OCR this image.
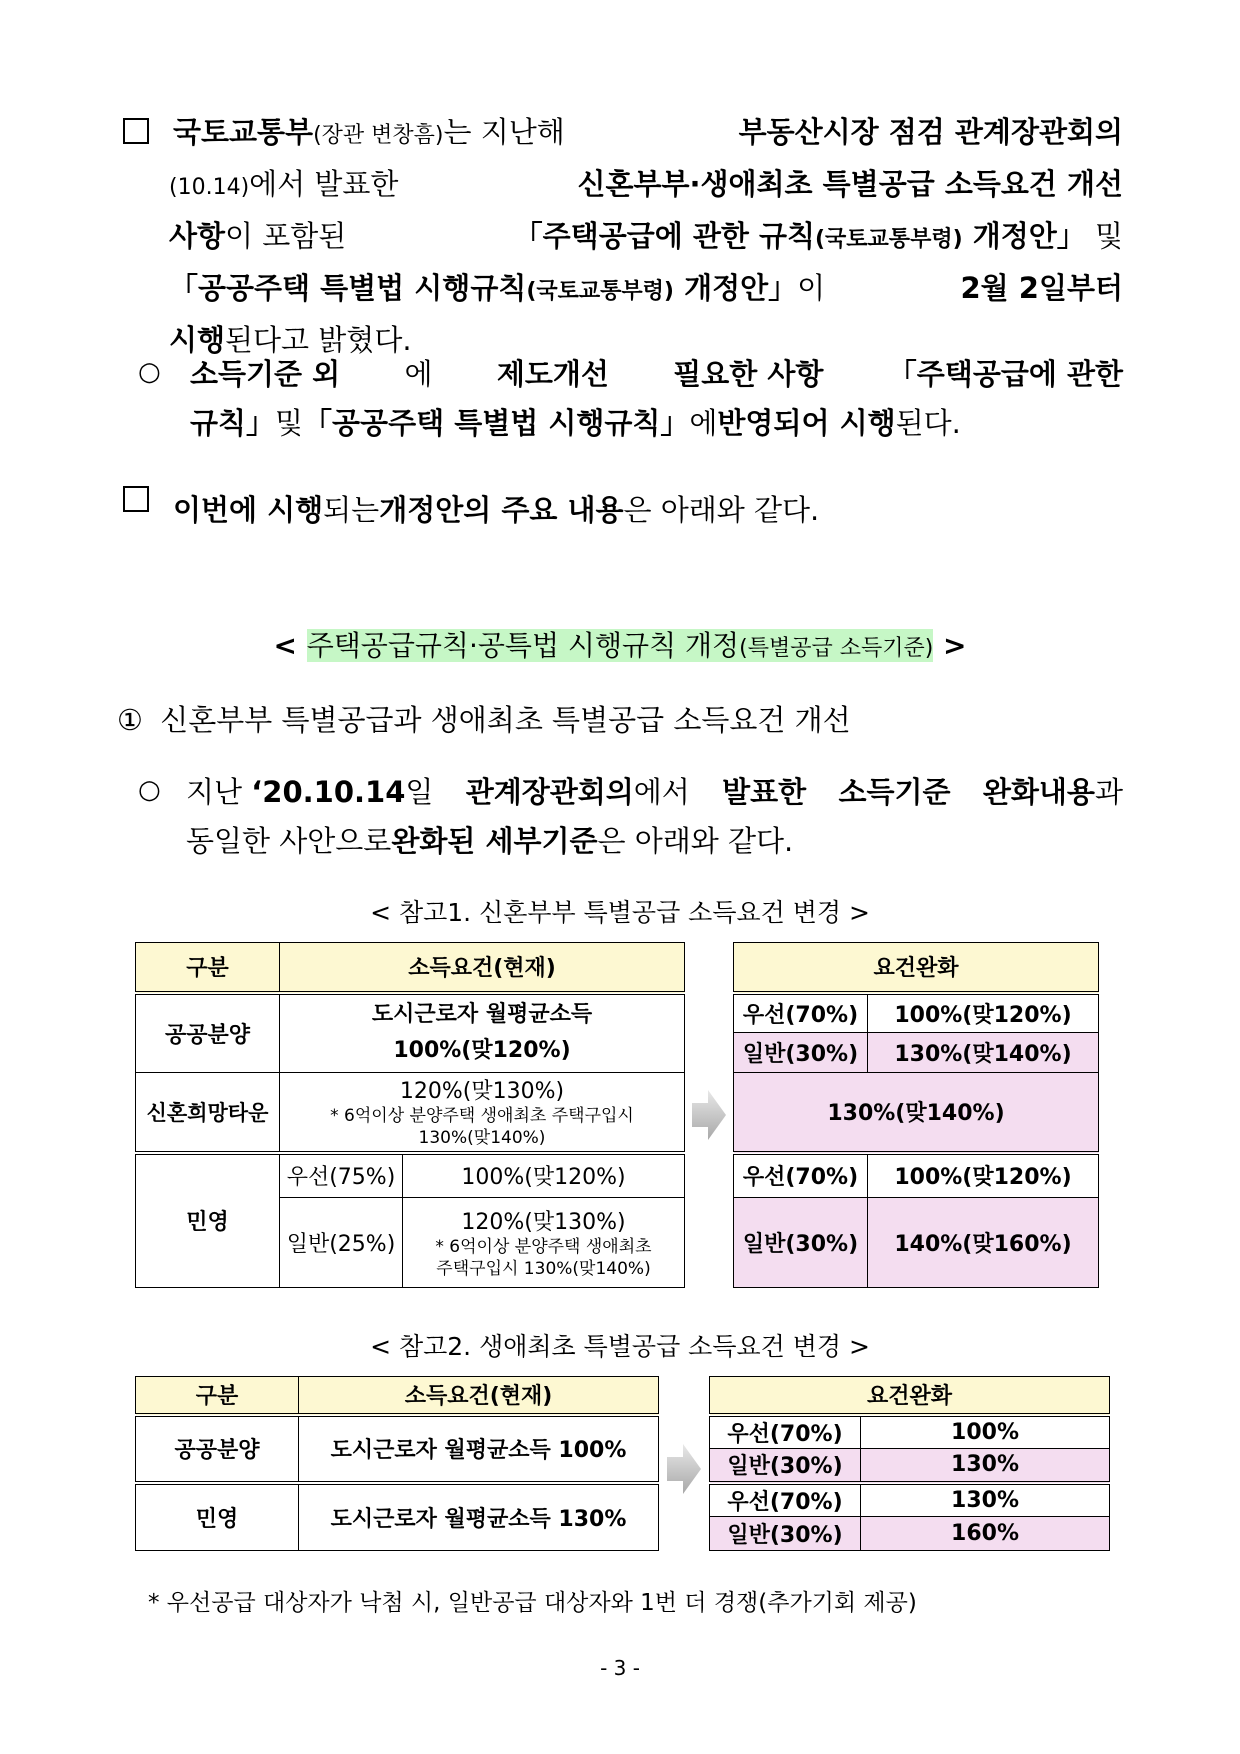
국토교통부(장관 변창흠)는 지난해	부동산시장 점검 관계장관회의
(10.14)에서 발표한	신혼부부·생애최초 특별공급 소득요건 개선
사항이 포함된	「주택공급에 관한 규칙(국토교통부령) 개정안」 및
「공공주택 특별법 시행규칙(국토교통부령) 개정안」이	2월 2일부터
시행 된다고 밝혔다.
○ 소득기준 외 에 제도개선 필요한 사항 「주택공급에 관한
규칙」 및 「공공주택 특별법 시행규칙」 에 반영되어 시행 된다.
이번에 시행 되는 개정안의 주요 내용 은 아래와 같다.
< 주택공급규칙·공특법 시행규칙 개정(특별공급 소득기준) >
① 신혼부부 특별공급과 생애최초 특별공급 소득요건 개선
○ 지난 ‘20.10.14일 관계장관회의에서 발표한 소득기준 완화내용과
동일한 사안으로 완화된 세부기준 은 아래와 같다.
< 참고1. 신혼부부 특별공급 소득요건 변경 >
구분	소득요건(현재)	
공공분양	도시근로자 월평균소득
100%(맞120%)	

신혼희망타운	120%(맞130%)
* 6억이상 분양주택 생애최초 주택구입시
130%(맞140%)	

민영	우선(75%)	100%(맞120%)
	일반(25%)	120%(맞130%)
* 6억이상 분양주택 생애최초
주택구입시 130%(맞140%)
요건완화	
우선(70%)	100%(맞120%)
일반(30%)	130%(맞140%)
130%(맞140%)	
우선(70%)	100%(맞120%)
일반(30%)	140%(맞160%)
< 참고2. 생애최초 특별공급 소득요건 변경 >
구분	소득요건(현재)
공공분양	도시근로자 월평균소득 100%
민영	도시근로자 월평균소득 130%
요건완화	
우선(70%)	100%
일반(30%)	130%
우선(70%)	130%
일반(30%)	160%
* 우선공급 대상자가 낙첨 시, 일반공급 대상자와 1번 더 경쟁(추가기회 제공)
- 3 -
